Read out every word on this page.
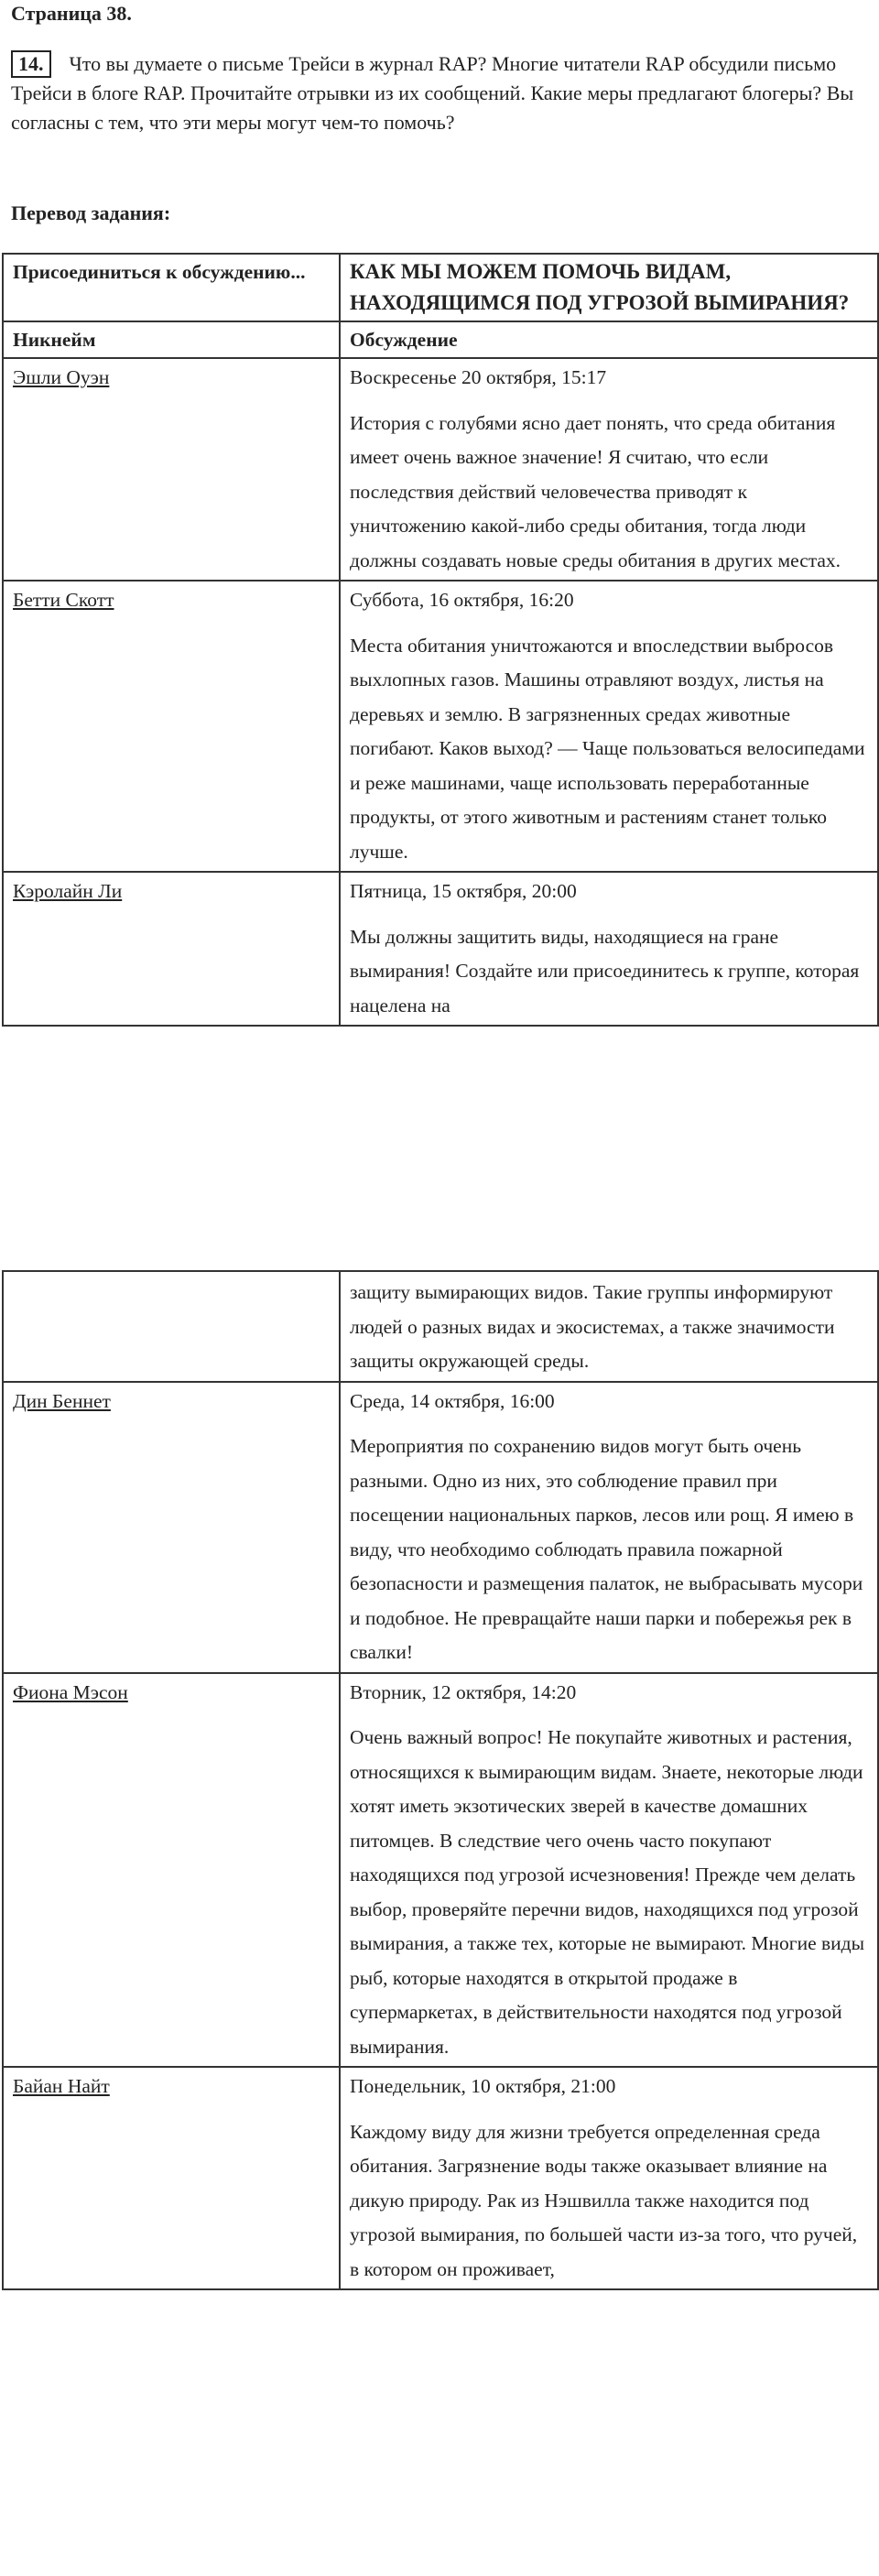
Страница 38.

14. Что вы думаете о письме Трейси в журнал RAP? Многие читатели RAP обсудили письмо Трейси в блоге RAP. Прочитайте отрывки из их сообщений. Какие меры предлагают блогеры? Вы согласны с тем, что эти меры могут чем-то помочь?

Перевод задания:

Присоединиться к обсуждению...	КАК МЫ МОЖЕМ ПОМОЧЬ ВИДАМ, НАХОДЯЩИМСЯ ПОД УГРОЗОЙ ВЫМИРАНИЯ?
Никнейм	Обсуждение
Эшли Оуэн	Воскресенье 20 октября, 15:17
История с голубями ясно дает понять, что среда обитания имеет очень важное значение! Я считаю, что если последствия действий человечества приводят к уничтожению какой-либо среды обитания, тогда люди должны создавать новые среды обитания в других местах.
Бетти Скотт	Суббота, 16 октября, 16:20
Места обитания уничтожаются и впоследствии выбросов выхлопных газов. Машины отравляют воздух, листья на деревьях и землю. В загрязненных средах животные погибают. Каков выход? — Чаще пользоваться велосипедами и реже машинами, чаще использовать переработанные продукты, от этого животным и растениям станет только лучше.
Кэролайн Ли	Пятница, 15 октября, 20:00
Мы должны защитить виды, находящиеся на гране вымирания! Создайте или присоединитесь к группе, которая нацелена на
	защиту вымирающих видов. Такие группы информируют людей о разных видах и экосистемах, а также значимости защиты окружающей среды.
Дин Беннет	Среда, 14 октября, 16:00
Мероприятия по сохранению видов могут быть очень разными. Одно из них, это соблюдение правил при посещении национальных парков, лесов или рощ. Я имею в виду, что необходимо соблюдать правила пожарной безопасности и размещения палаток, не выбрасывать мусори и подобное. Не превращайте наши парки и побережья рек в свалки!
Фиона Мэсон	Вторник, 12 октября, 14:20
Очень важный вопрос! Не покупайте животных и растения, относящихся к вымирающим видам. Знаете, некоторые люди хотят иметь экзотических зверей в качестве домашних питомцев. В следствие чего очень часто покупают находящихся под угрозой исчезновения! Прежде чем делать выбор, проверяйте перечни видов, находящихся под угрозой вымирания, а также тех, которые не вымирают. Многие виды рыб, которые находятся в открытой продаже в супермаркетах, в действительности находятся под угрозой вымирания.
Байан Найт	Понедельник, 10 октября, 21:00
Каждому виду для жизни требуется определенная среда обитания. Загрязнение воды также оказывает влияние на дикую природу. Рак из Нэшвилла также находится под угрозой вымирания, по большей части из-за того, что ручей, в котором он проживает,
